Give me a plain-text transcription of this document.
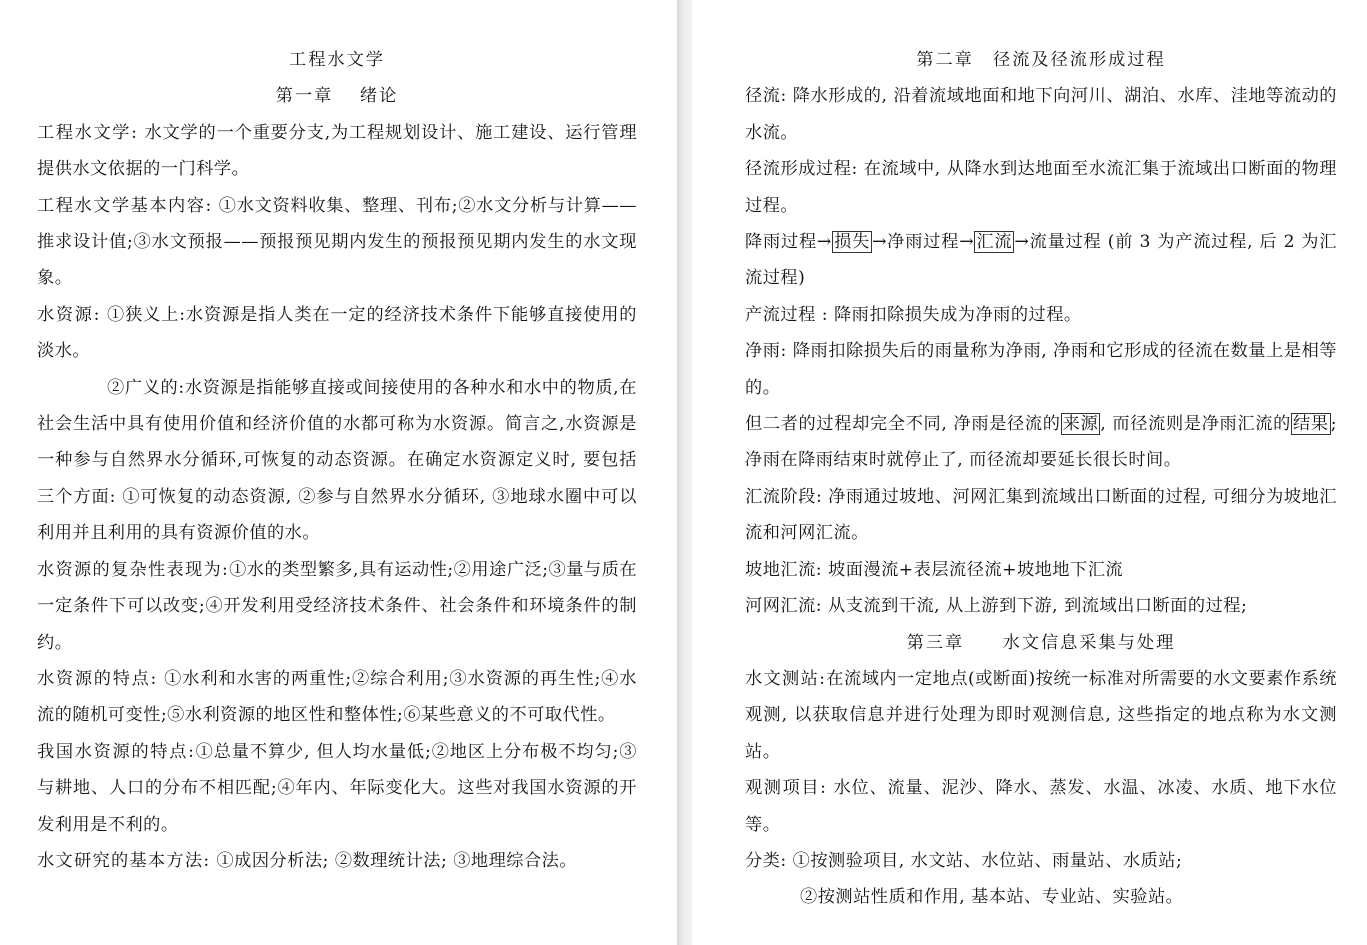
工程水文学

第一章　 绪论

工程水文学: 水文学的一个重要分支,为工程规划设计、施工建设、运行管理提供水文依据的一门科学。

工程水文学基本内容: ①水文资料收集、整理、刊布;②水文分析与计算——推求设计值;③水文预报——预报预见期内发生的预报预见期内发生的水文现象。

水资源: ①狭义上:水资源是指人类在一定的经济技术条件下能够直接使用的淡水。

②广义的:水资源是指能够直接或间接使用的各种水和水中的物质,在社会生活中具有使用价值和经济价值的水都可称为水资源。简言之,水资源是一种参与自然界水分循环,可恢复的动态资源。在确定水资源定义时, 要包括三个方面: ①可恢复的动态资源, ②参与自然界水分循环, ③地球水圈中可以利用并且利用的具有资源价值的水。

水资源的复杂性表现为:①水的类型繁多,具有运动性;②用途广泛;③量与质在一定条件下可以改变;④开发利用受经济技术条件、社会条件和环境条件的制约。

水资源的特点: ①水利和水害的两重性;②综合利用;③水资源的再生性;④水流的随机可变性;⑤水利资源的地区性和整体性;⑥某些意义的不可取代性。

我国水资源的特点:①总量不算少, 但人均水量低;②地区上分布极不均匀;③与耕地、人口的分布不相匹配;④年内、年际变化大。这些对我国水资源的开发利用是不利的。

水文研究的基本方法: ①成因分析法; ②数理统计法; ③地理综合法。

第二章　径流及径流形成过程

径流: 降水形成的, 沿着流域地面和地下向河川、湖泊、水库、洼地等流动的水流。

径流形成过程: 在流域中, 从降水到达地面至水流汇集于流域出口断面的物理过程。

降雨过程→ 损失 →净雨过程→ 汇流 →流量过程 (前 3 为产流过程, 后 2 为汇流过程)

产流过程 : 降雨扣除损失成为净雨的过程。

净雨: 降雨扣除损失后的雨量称为净雨, 净雨和它形成的径流在数量上是相等的。

但二者的过程却完全不同, 净雨是径流的 来源 , 而径流则是净雨汇流的 结果 ; 净雨在降雨结束时就停止了, 而径流却要延长很长时间。

汇流阶段: 净雨通过坡地、河网汇集到流域出口断面的过程, 可细分为坡地汇流和河网汇流。

坡地汇流: 坡面漫流+表层流径流+坡地地下汇流

河网汇流: 从支流到干流, 从上游到下游, 到流域出口断面的过程;

第三章　　水文信息采集与处理

水文测站:在流域内一定地点(或断面)按统一标准对所需要的水文要素作系统观测, 以获取信息并进行处理为即时观测信息, 这些指定的地点称为水文测站。

观测项目: 水位、流量、泥沙、降水、蒸发、水温、冰凌、水质、地下水位等。

分类: ①按测验项目, 水文站、水位站、雨量站、水质站;

②按测站性质和作用, 基本站、专业站、实验站。
